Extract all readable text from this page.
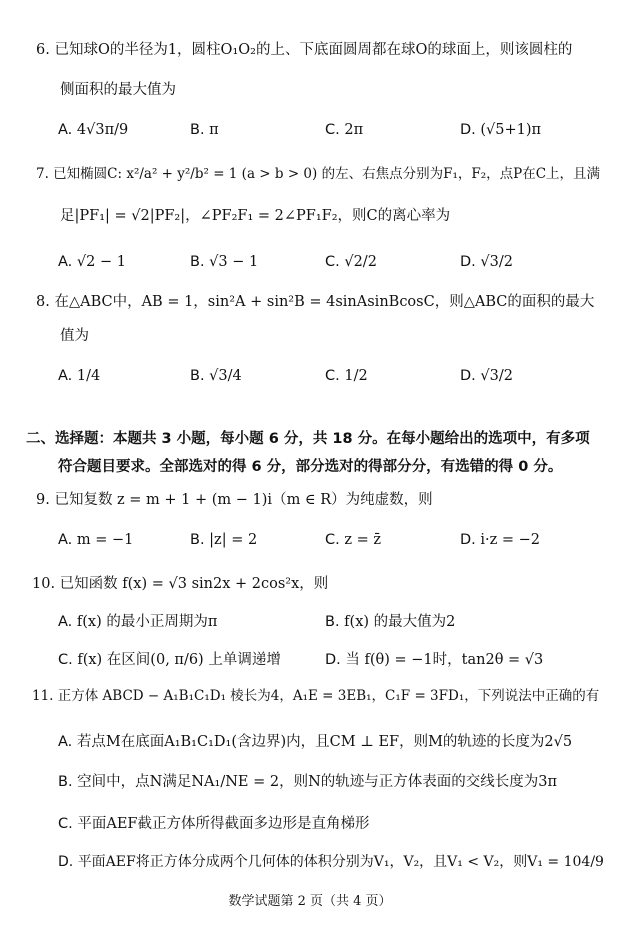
6. 已知球O的半径为1，圆柱O₁O₂的上、下底面圆周都在球O的球面上，则该圆柱的
侧面积的最大值为
A. 4√3π/9	B. π	C. 2π	D. (√5+1)π
7. 已知椭圆C: x²/a² + y²/b² = 1 (a > b > 0) 的左、右焦点分别为F₁，F₂，点P在C上，且满
足|PF₁| = √2|PF₂|，∠PF₂F₁ = 2∠PF₁F₂，则C的离心率为
A. √2 − 1	B. √3 − 1	C. √2/2	D. √3/2
8. 在△ABC中，AB = 1，sin²A + sin²B = 4sinAsinBcosC，则△ABC的面积的最大
值为
A. 1/4	B. √3/4	C. 1/2	D. √3/2
二、选择题：本题共 3 小题，每小题 6 分，共 18 分。在每小题给出的选项中，有多项
符合题目要求。全部选对的得 6 分，部分选对的得部分分，有选错的得 0 分。
9. 已知复数 z = m + 1 + (m − 1)i（m ∈ R）为纯虚数，则
A. m = −1	B. |z| = 2	C. z = z̄	D. i·z = −2
10. 已知函数 f(x) = √3 sin2x + 2cos²x，则
A. f(x) 的最小正周期为π	B. f(x) 的最大值为2
C. f(x) 在区间(0, π/6) 上单调递增	D. 当 f(θ) = −1时，tan2θ = √3
11. 正方体 ABCD − A₁B₁C₁D₁ 棱长为4，A₁E = 3EB₁，C₁F = 3FD₁，下列说法中正确的有
A. 若点M在底面A₁B₁C₁D₁(含边界)内，且CM ⊥ EF，则M的轨迹的长度为2√5
B. 空间中，点N满足NA₁/NE = 2，则N的轨迹与正方体表面的交线长度为3π
C. 平面AEF截正方体所得截面多边形是直角梯形
D. 平面AEF将正方体分成两个几何体的体积分别为V₁，V₂，且V₁ < V₂，则V₁ = 104/9
数学试题第 2 页（共 4 页）
